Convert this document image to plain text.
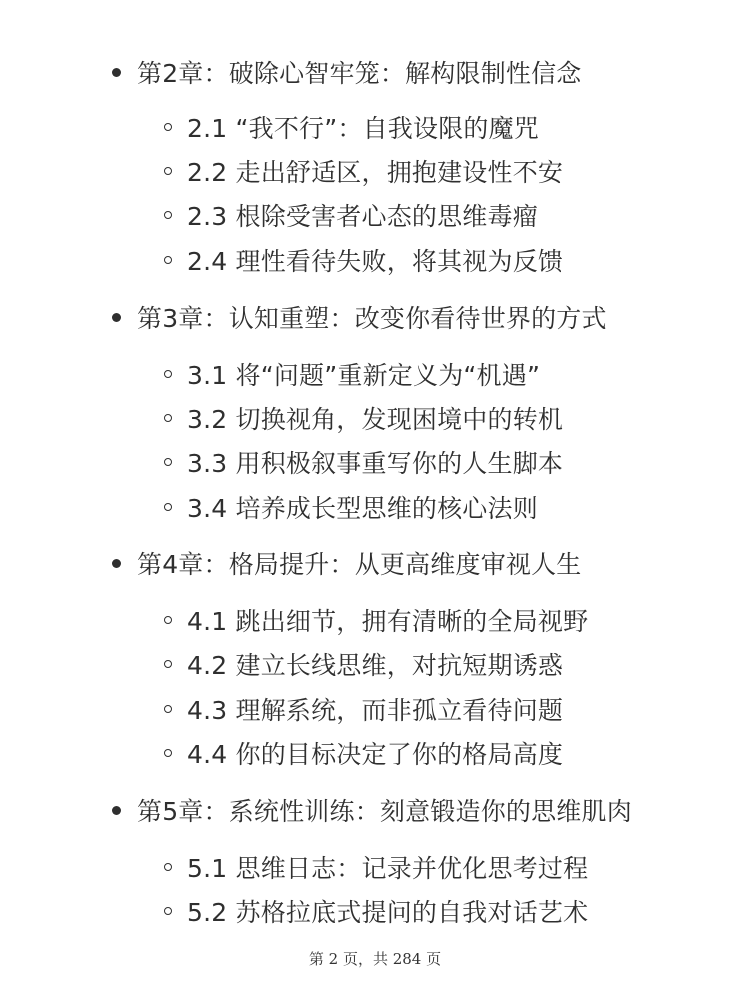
第2章：破除心智牢笼：解构限制性信念
2.1 “我不行”：自我设限的魔咒
2.2 走出舒适区，拥抱建设性不安
2.3 根除受害者心态的思维毒瘤
2.4 理性看待失败，将其视为反馈
第3章：认知重塑：改变你看待世界的方式
3.1 将“问题”重新定义为“机遇”
3.2 切换视角，发现困境中的转机
3.3 用积极叙事重写你的人生脚本
3.4 培养成长型思维的核心法则
第4章：格局提升：从更高维度审视人生
4.1 跳出细节，拥有清晰的全局视野
4.2 建立长线思维，对抗短期诱惑
4.3 理解系统，而非孤立看待问题
4.4 你的目标决定了你的格局高度
第5章：系统性训练：刻意锻造你的思维肌肉
5.1 思维日志：记录并优化思考过程
5.2 苏格拉底式提问的自我对话艺术
第 2 页，共 284 页
